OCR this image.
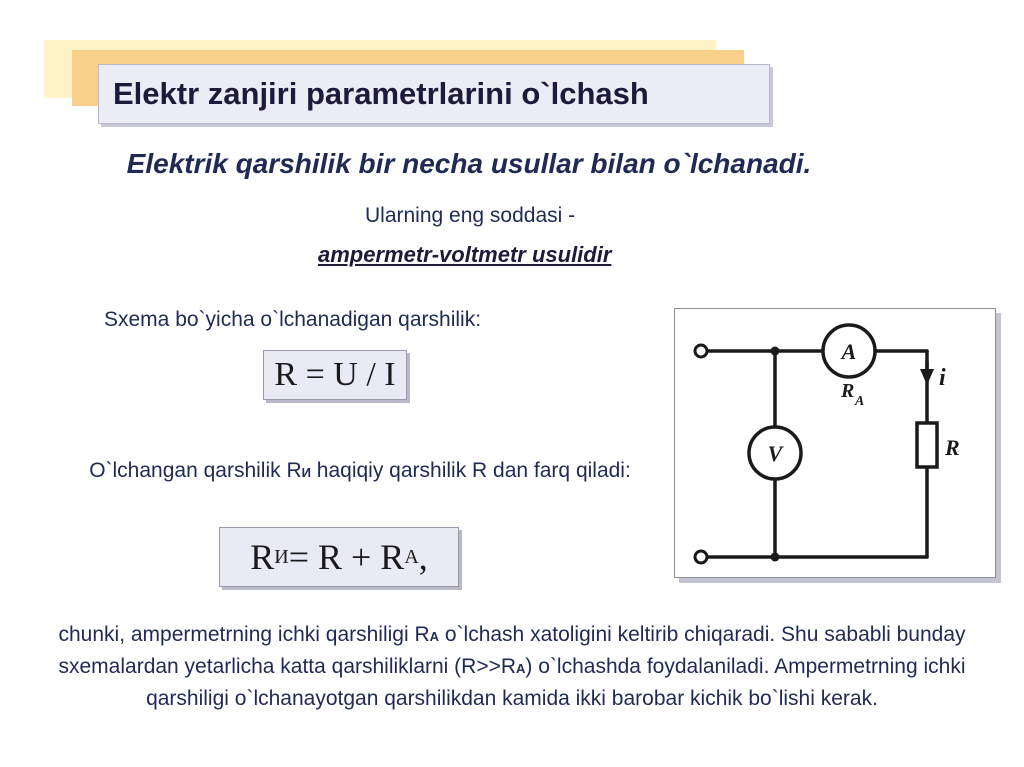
Elektr zanjiri parametrlarini o`lchash
Elektrik qarshilik bir necha usullar bilan o`lchanadi.
Ularning eng soddasi -
ampermetr-voltmetr usulidir
Sxema bo`yicha o`lchanadigan qarshilik:
R = U / I
O`lchangan qarshilik RИ haqiqiy qarshilik R dan farq qiladi:
R И = R + R A ,
A
R A
i
V	R
chunki, ampermetrning ichki qarshiligi RA o`lchash xatoligini keltirib chiqaradi. Shu sababli bunday sxemalardan yetarlicha katta qarshiliklarni (R>>RA) o`lchashda foydalaniladi. Ampermetrning ichki qarshiligi o`lchanayotgan qarshilikdan kamida ikki barobar kichik bo`lishi kerak.
